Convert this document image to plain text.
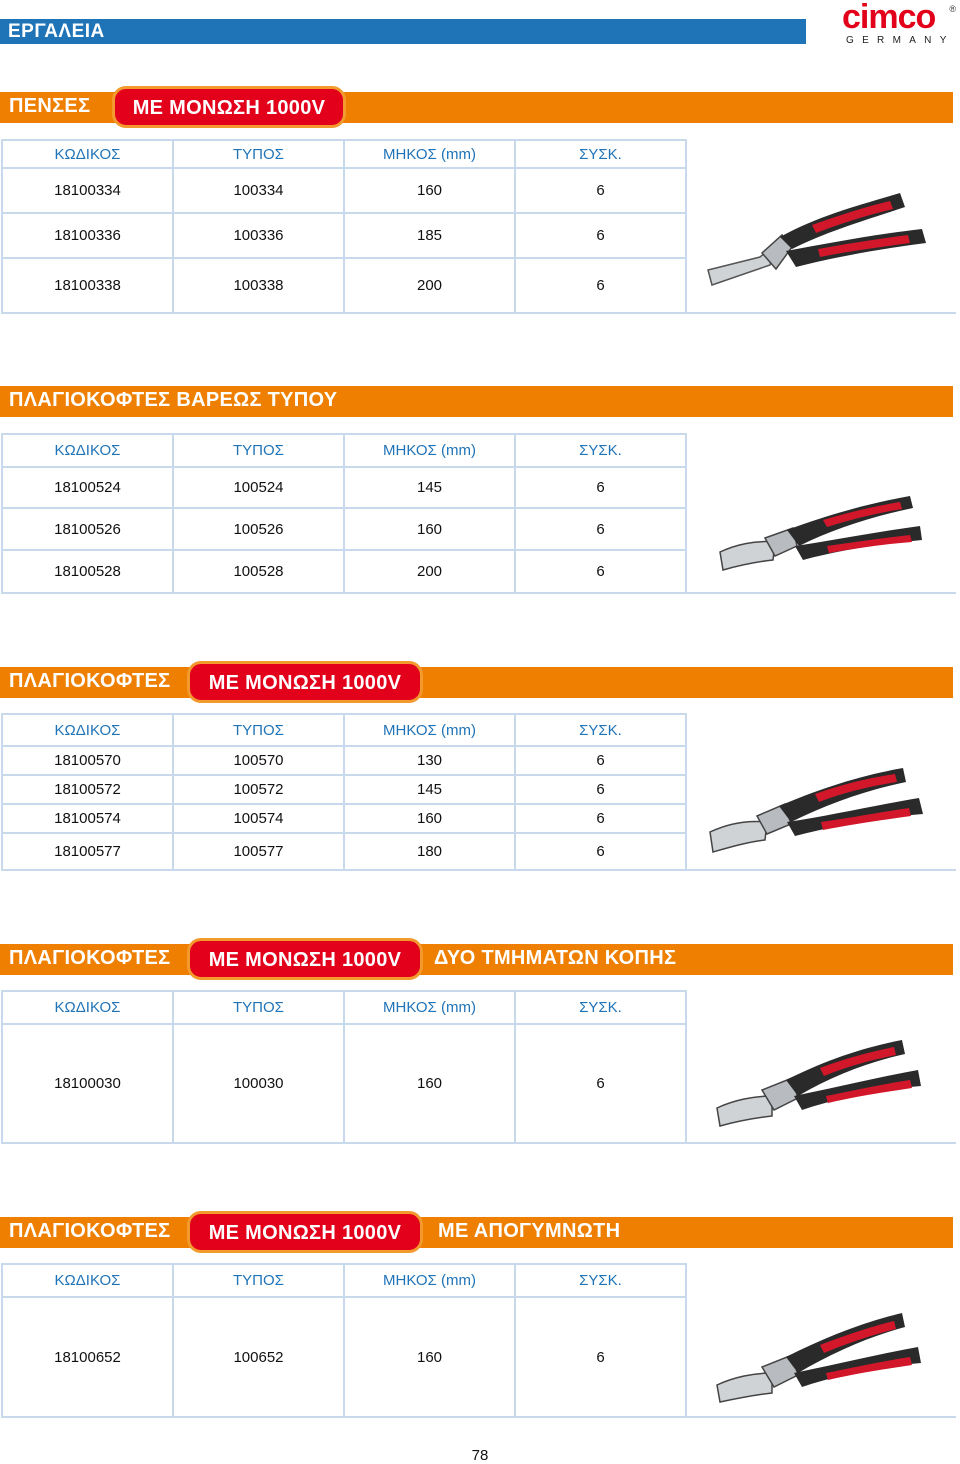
ΕΡΓΑΛΕΙΑ	cimco ®
GERMANY
ΠΕΝΣΕΣ	ΜΕ ΜΟΝΩΣΗ 1000V
ΚΩΔΙΚΟΣ	ΤΥΠΟΣ	ΜΗΚΟΣ (mm)	ΣΥΣΚ.	
18100334	100334	160	6	
18100336	100336	185	6	
18100338	100338	200	6	
ΠΛΑΓΙΟΚΟΦΤΕΣ ΒΑΡΕΩΣ ΤΥΠΟΥ
ΚΩΔΙΚΟΣ	ΤΥΠΟΣ	ΜΗΚΟΣ (mm)	ΣΥΣΚ.	
18100524	100524	145	6	
18100526	100526	160	6	
18100528	100528	200	6	
ΠΛΑΓΙΟΚΟΦΤΕΣ	ΜΕ ΜΟΝΩΣΗ 1000V
ΚΩΔΙΚΟΣ	ΤΥΠΟΣ	ΜΗΚΟΣ (mm)	ΣΥΣΚ.	
18100570	100570	130	6	
18100572	100572	145	6	
18100574	100574	160	6	
18100577	100577	180	6	
ΠΛΑΓΙΟΚΟΦΤΕΣ	ΜΕ ΜΟΝΩΣΗ 1000V	ΔΥΟ ΤΜΗΜΑΤΩΝ ΚΟΠΗΣ
ΚΩΔΙΚΟΣ	ΤΥΠΟΣ	ΜΗΚΟΣ (mm)	ΣΥΣΚ.	
18100030	100030	160	6	
ΠΛΑΓΙΟΚΟΦΤΕΣ	ΜΕ ΜΟΝΩΣΗ 1000V	ΜΕ ΑΠΟΓΥΜΝΩΤΗ
ΚΩΔΙΚΟΣ	ΤΥΠΟΣ	ΜΗΚΟΣ (mm)	ΣΥΣΚ.	
18100652	100652	160	6	
78
